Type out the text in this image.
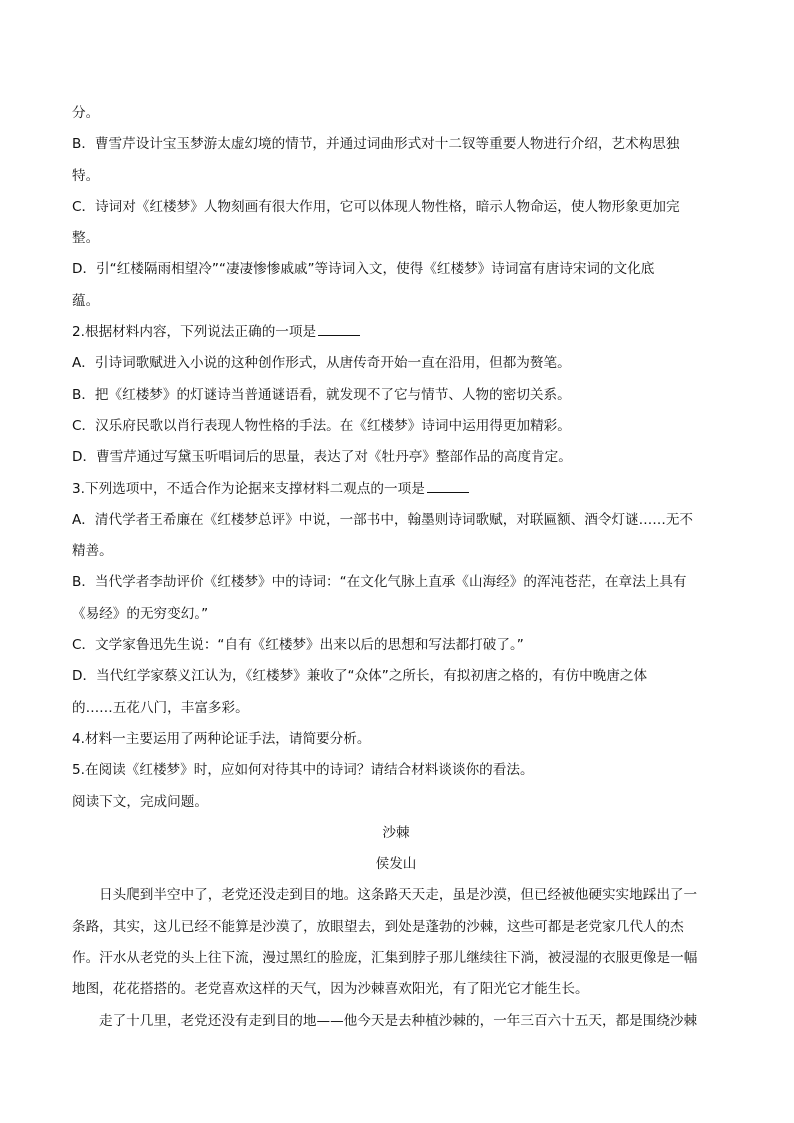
分。
B．曹雪芹设计宝玉梦游太虚幻境的情节，并通过词曲形式对十二钗等重要人物进行介绍，艺术构思独
特。
C．诗词对《红楼梦》人物刻画有很大作用，它可以体现人物性格，暗示人物命运，使人物形象更加完
整。
D．引“红楼隔雨相望冷”“凄凄惨惨戚戚”等诗词入文，使得《红楼梦》诗词富有唐诗宋词的文化底
蕴。
2.根据材料内容，下列说法正确的一项是
A．引诗词歌赋进入小说的这种创作形式，从唐传奇开始一直在沿用，但都为赘笔。
B．把《红楼梦》的灯谜诗当普通谜语看，就发现不了它与情节、人物的密切关系。
C．汉乐府民歌以肖行表现人物性格的手法。在《红楼梦》诗词中运用得更加精彩。
D．曹雪芹通过写黛玉听唱词后的思量，表达了对《牡丹亭》整部作品的高度肯定。
3.下列选项中，不适合作为论据来支撑材料二观点的一项是
A．清代学者王希廉在《红楼梦总评》中说，一部书中，翰墨则诗词歌赋，对联匾额、酒令灯谜……无不
精善。
B．当代学者李劼评价《红楼梦》中的诗词：“在文化气脉上直承《山海经》的浑沌苍茫，在章法上具有
《易经》的无穷变幻。”
C．文学家鲁迅先生说：“自有《红楼梦》出来以后的思想和写法都打破了。”
D．当代红学家蔡义江认为，《红楼梦》兼收了“众体”之所长，有拟初唐之格的，有仿中晚唐之体
的……五花八门，丰富多彩。
4.材料一主要运用了两种论证手法，请简要分析。
5.在阅读《红楼梦》时，应如何对待其中的诗词？请结合材料谈谈你的看法。
阅读下文，完成问题。
沙棘
侯发山
日头爬到半空中了，老党还没走到目的地。这条路天天走，虽是沙漠，但已经被他硬实实地踩出了一
条路，其实，这儿已经不能算是沙漠了，放眼望去，到处是蓬勃的沙棘，这些可都是老党家几代人的杰
作。汗水从老党的头上往下流，漫过黑红的脸庞，汇集到脖子那儿继续往下淌，被浸湿的衣服更像是一幅
地图，花花搭搭的。老党喜欢这样的天气，因为沙棘喜欢阳光，有了阳光它才能生长。
走了十几里，老党还没有走到目的地——他今天是去种植沙棘的，一年三百六十五天，都是围绕沙棘
